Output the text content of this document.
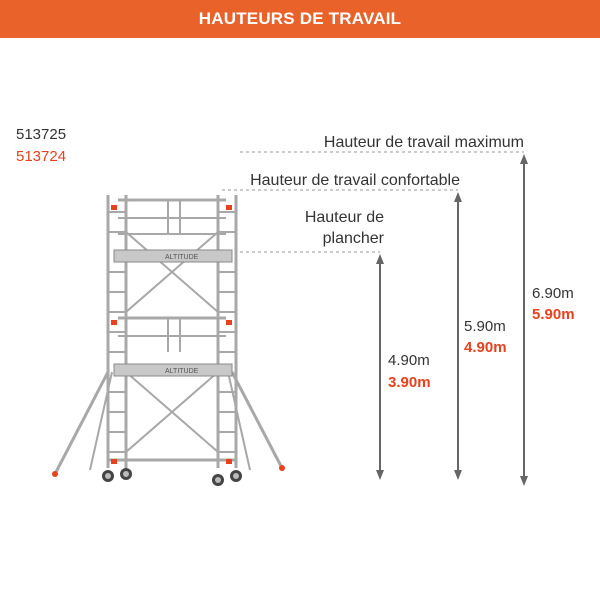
HAUTEURS DE TRAVAIL
513725
513724
ALTITUDE
ALTITUDE
Hauteur de travail maximum
Hauteur de travail confortable
Hauteur de
plancher
4.90m
3.90m
5.90m
4.90m
6.90m
5.90m
